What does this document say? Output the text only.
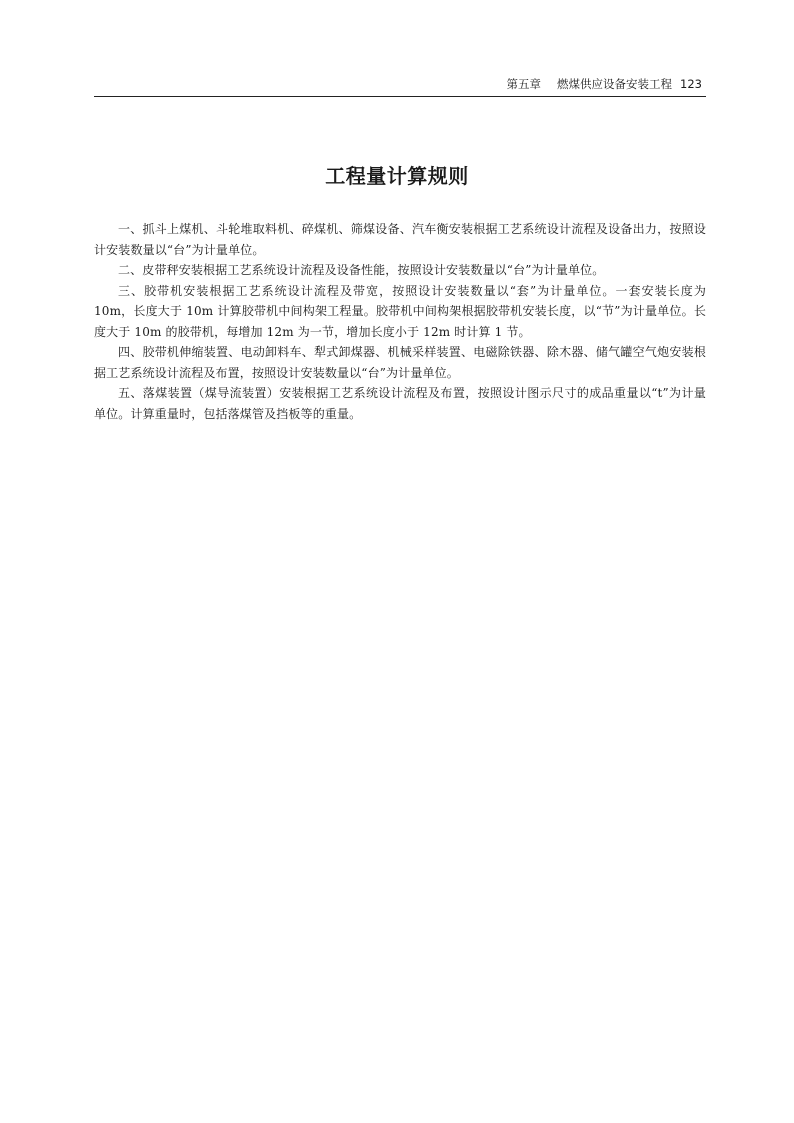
第五章 燃煤供应设备安装工程 123
工程量计算规则

一、抓斗上煤机、斗轮堆取料机、碎煤机、筛煤设备、汽车衡安装根据工艺系统设计流程及设备出力，按照设计安装数量以“台”为计量单位。

二、皮带秤安装根据工艺系统设计流程及设备性能，按照设计安装数量以“台”为计量单位。

三、胶带机安装根据工艺系统设计流程及带宽，按照设计安装数量以“套”为计量单位。一套安装长度为 10m，长度大于 10m 计算胶带机中间构架工程量。胶带机中间构架根据胶带机安装长度，以“节”为计量单位。长度大于 10m 的胶带机，每增加 12m 为一节，增加长度小于 12m 时计算 1 节。

四、胶带机伸缩装置、电动卸料车、犁式卸煤器、机械采样装置、电磁除铁器、除木器、储气罐空气炮安装根据工艺系统设计流程及布置，按照设计安装数量以“台”为计量单位。

五、落煤装置（煤导流装置）安装根据工艺系统设计流程及布置，按照设计图示尺寸的成品重量以“t”为计量单位。计算重量时，包括落煤管及挡板等的重量。
